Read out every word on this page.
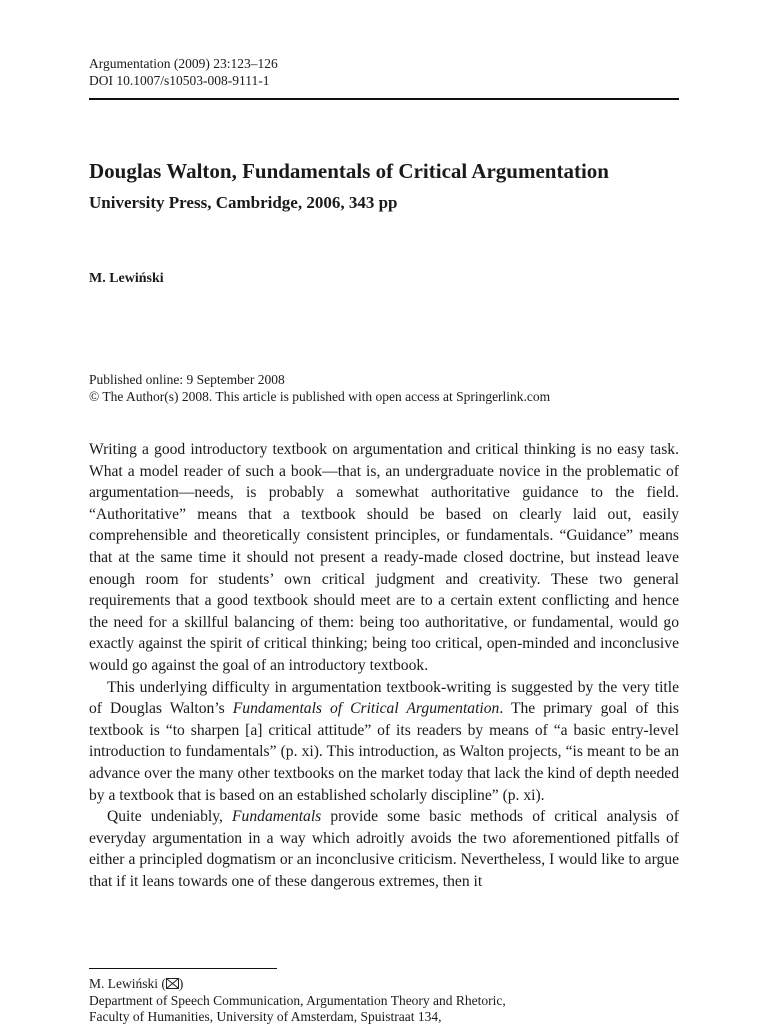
Argumentation (2009) 23:123–126
DOI 10.1007/s10503-008-9111-1
Douglas Walton, Fundamentals of Critical Argumentation
University Press, Cambridge, 2006, 343 pp
M. Lewiński
Published online: 9 September 2008
© The Author(s) 2008. This article is published with open access at Springerlink.com

Writing a good introductory textbook on argumentation and critical thinking is no easy task. What a model reader of such a book—that is, an undergraduate novice in the problematic of argumentation—needs, is probably a somewhat authoritative guidance to the field. “Authoritative” means that a textbook should be based on clearly laid out, easily comprehensible and theoretically consistent principles, or fundamentals. “Guidance” means that at the same time it should not present a ready-made closed doctrine, but instead leave enough room for students’ own critical judgment and creativity. These two general requirements that a good textbook should meet are to a certain extent conflicting and hence the need for a skillful balancing of them: being too authoritative, or fundamental, would go exactly against the spirit of critical thinking; being too critical, open-minded and inconclusive would go against the goal of an introductory textbook.

This underlying difficulty in argumentation textbook-writing is suggested by the very title of Douglas Walton’s Fundamentals of Critical Argumentation. The primary goal of this textbook is “to sharpen [a] critical attitude” of its readers by means of “a basic entry-level introduction to fundamentals” (p. xi). This introduction, as Walton projects, “is meant to be an advance over the many other textbooks on the market today that lack the kind of depth needed by a textbook that is based on an established scholarly discipline” (p. xi).

Quite undeniably, Fundamentals provide some basic methods of critical analysis of everyday argumentation in a way which adroitly avoids the two aforementioned pitfalls of either a principled dogmatism or an inconclusive criticism. Nevertheless, I would like to argue that if it leans towards one of these dangerous extremes, then it

M. Lewiński ( )
Department of Speech Communication, Argumentation Theory and Rhetoric,
Faculty of Humanities, University of Amsterdam, Spuistraat 134,
